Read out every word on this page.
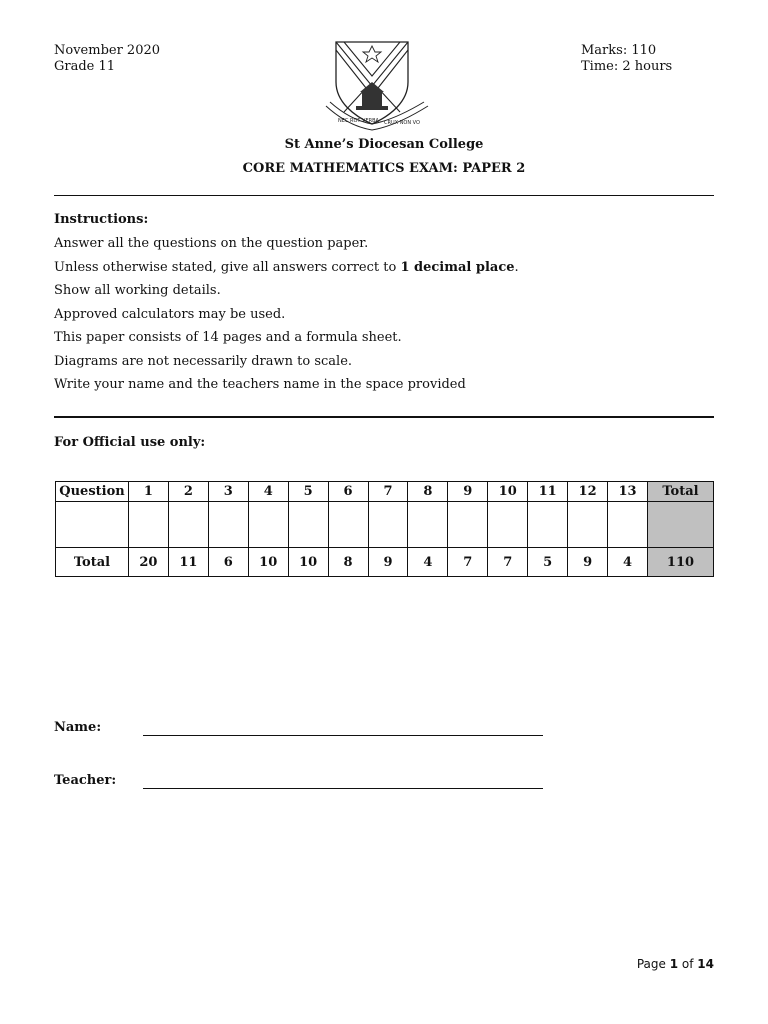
November 2020
Grade 11
Marks: 110
Time: 2 hours
NEC ROT VERBA CRUX NON VO
St Anne’s Diocesan College
CORE MATHEMATICS EXAM: PAPER 2
Instructions:
Answer all the questions on the question paper.
Unless otherwise stated, give all answers correct to 1 decimal place.
Show all working details.
Approved calculators may be used.
This paper consists of 14 pages and a formula sheet.
Diagrams are not necessarily drawn to scale.
Write your name and the teachers name in the space provided
For Official use only:
Question	1	2	3	4	5	6	7	8	9	10	11	12	13	Total

Total	20	11	6	10	10	8	9	4	7	7	5	9	4	110
Name:
Teacher:
Page 1 of 14
